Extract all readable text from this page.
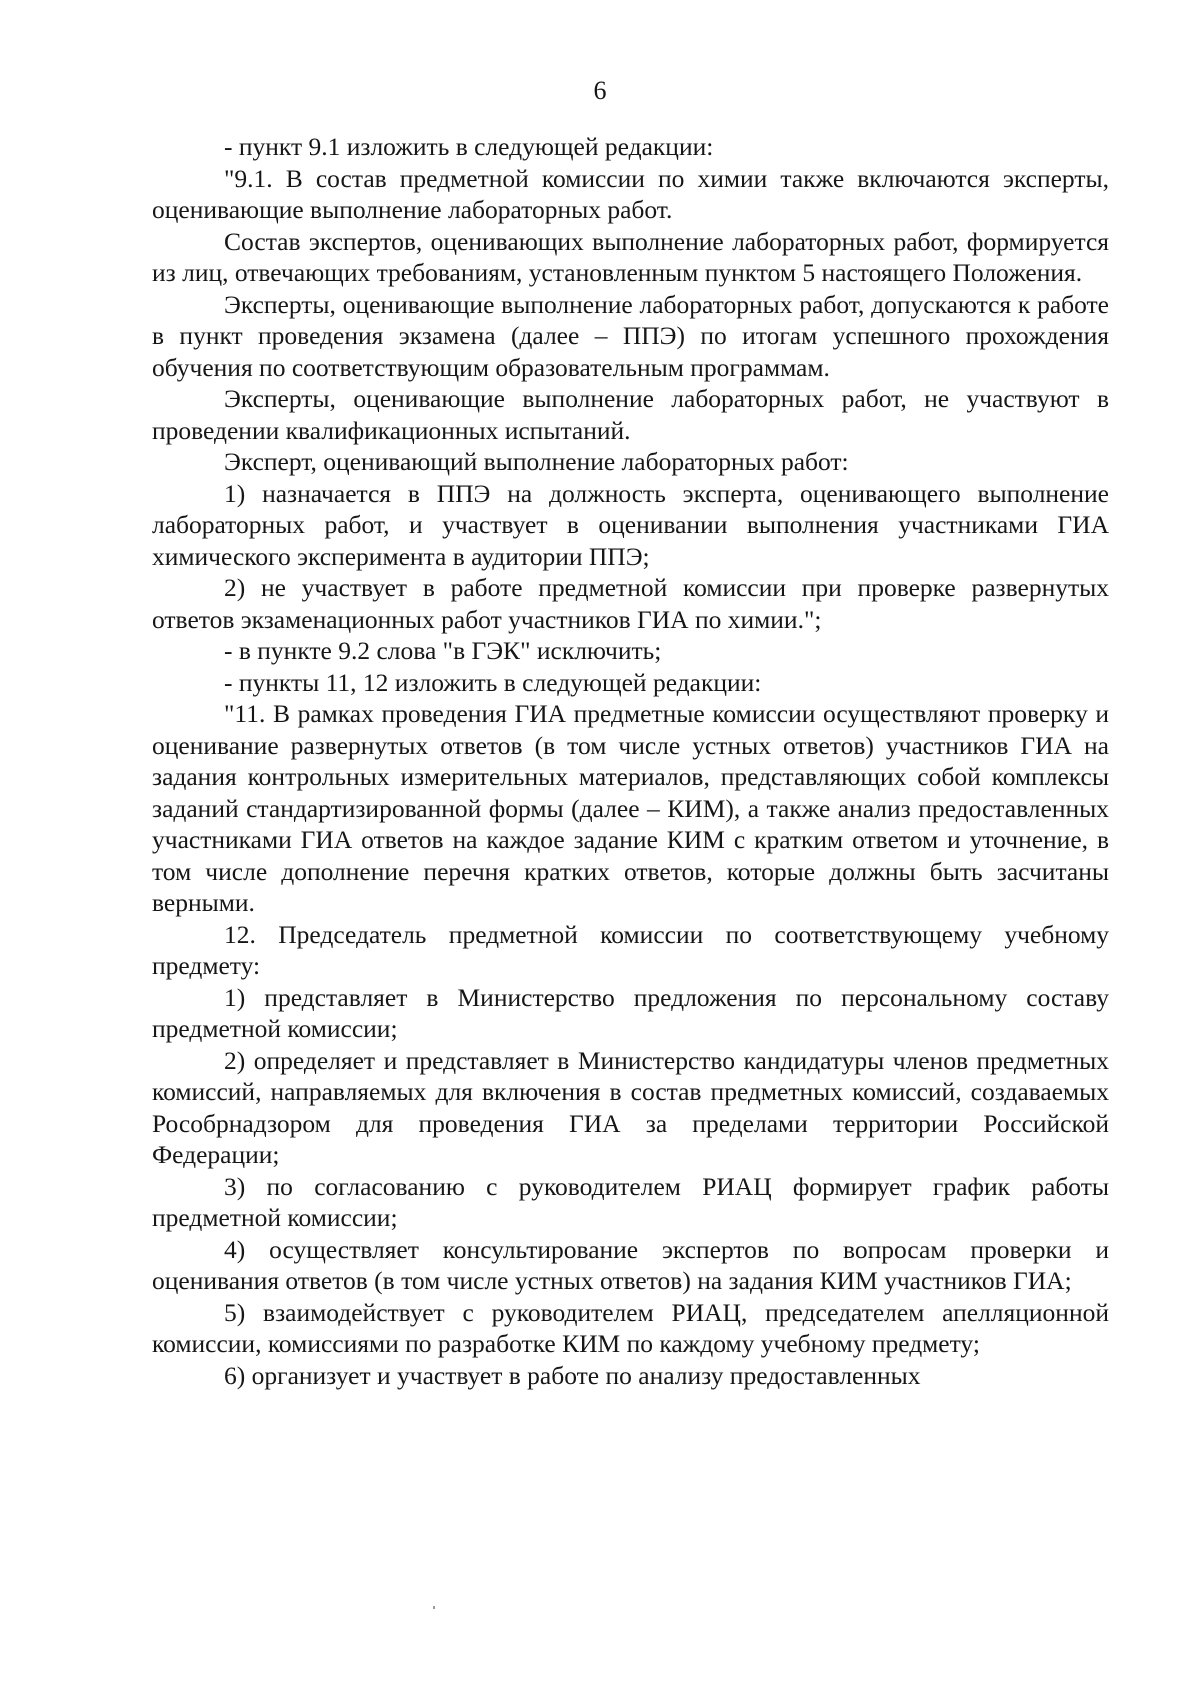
6

- пункт 9.1 изложить в следующей редакции:

"9.1. В состав предметной комиссии по химии также включаются эксперты, оценивающие выполнение лабораторных работ.

Состав экспертов, оценивающих выполнение лабораторных работ, формируется из лиц, отвечающих требованиям, установленным пунктом 5 настоящего Положения.

Эксперты, оценивающие выполнение лабораторных работ, допускаются к работе в пункт проведения экзамена (далее – ППЭ) по итогам успешного прохождения обучения по соответствующим образовательным программам.

Эксперты, оценивающие выполнение лабораторных работ, не участвуют в проведении квалификационных испытаний.

Эксперт, оценивающий выполнение лабораторных работ:

1) назначается в ППЭ на должность эксперта, оценивающего выполнение лабораторных работ, и участвует в оценивании выполнения участниками ГИА химического эксперимента в аудитории ППЭ;

2) не участвует в работе предметной комиссии при проверке развернутых ответов экзаменационных работ участников ГИА по химии.";

- в пункте 9.2 слова "в ГЭК" исключить;

- пункты 11, 12 изложить в следующей редакции:

"11. В рамках проведения ГИА предметные комиссии осуществляют проверку и оценивание развернутых ответов (в том числе устных ответов) участников ГИА на задания контрольных измерительных материалов, представляющих собой комплексы заданий стандартизированной формы (далее – КИМ), а также анализ предоставленных участниками ГИА ответов на каждое задание КИМ с кратким ответом и уточнение, в том числе дополнение перечня кратких ответов, которые должны быть засчитаны верными.

12. Председатель предметной комиссии по соответствующему учебному предмету:

1) представляет в Министерство предложения по персональному составу предметной комиссии;

2) определяет и представляет в Министерство кандидатуры членов предметных комиссий, направляемых для включения в состав предметных комиссий, создаваемых Рособрнадзором для проведения ГИА за пределами территории Российской Федерации;

3) по согласованию с руководителем РИАЦ формирует график работы предметной комиссии;

4) осуществляет консультирование экспертов по вопросам проверки и оценивания ответов (в том числе устных ответов) на задания КИМ участников ГИА;

5) взаимодействует с руководителем РИАЦ, председателем апелляционной комиссии, комиссиями по разработке КИМ по каждому учебному предмету;

6) организует и участвует в работе по анализу предоставленных
